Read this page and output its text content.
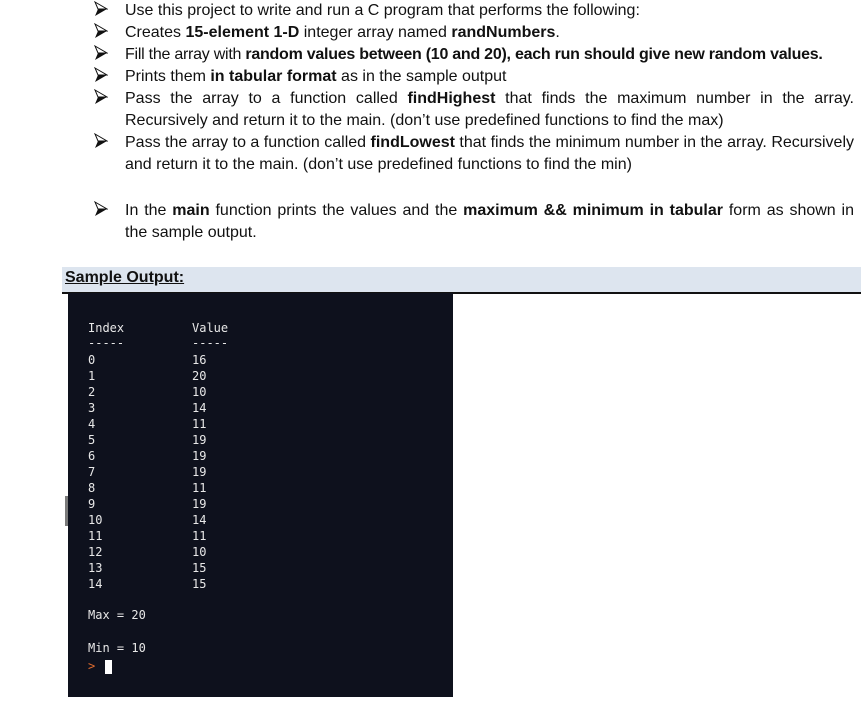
Use this project to write and run a C program that performs the following:
Creates 15-element 1-D integer array named randNumbers.
Fill the array with random values between (10 and 20), each run should give new random values.
Prints them in tabular format as in the sample output
Pass the array to a function called findHighest that finds the maximum number in the array. Recursively and return it to the main. (don’t use predefined functions to find the max)
Pass the array to a function called findLowest that finds the minimum number in the array. Recursively and return it to the main. (don’t use predefined functions to find the min)
In the main function prints the values and the maximum && minimum in tabular form as shown in the sample output.
Sample Output:
Index	Value
-----	-----
0	16
1	20
2	10
3	14
4	11
5	19
6	19
7	19
8	11
9	19
10	14
11	11
12	10
13	15
14	15
Max = 20
Min = 10
>
